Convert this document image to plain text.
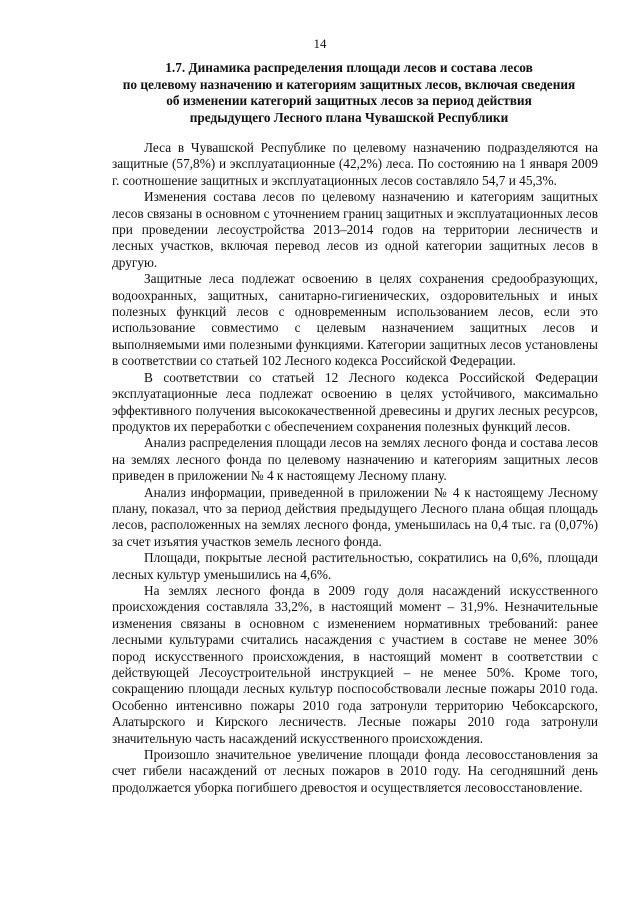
14
1.7. Динамика распределения площади лесов и состава лесов
по целевому назначению и категориям защитных лесов, включая сведения
об изменении категорий защитных лесов за период действия
предыдущего Лесного плана Чувашской Республики

Леса в Чувашской Республике по целевому назначению подразделяются на защитные (57,8%) и эксплуатационные (42,2%) леса. По состоянию на 1 января 2009 г. соотношение защитных и эксплуатационных лесов составляло 54,7 и 45,3%.

Изменения состава лесов по целевому назначению и категориям защитных лесов связаны в основном с уточнением границ защитных и эксплуатационных лесов при проведении лесоустройства 2013–2014 годов на территории лесничеств и лесных участков, включая перевод лесов из одной категории защитных лесов в другую.

Защитные леса подлежат освоению в целях сохранения средообразующих, водоохранных, защитных, санитарно-гигиенических, оздоровительных и иных полезных функций лесов с одновременным использованием лесов, если это использование совместимо с целевым назначением защитных лесов и выполняемыми ими полезными функциями. Категории защитных лесов установлены в соответствии со статьей 102 Лесного кодекса Российской Федерации.

В соответствии со статьей 12 Лесного кодекса Российской Федерации эксплуатационные леса подлежат освоению в целях устойчивого, максимально эффективного получения высококачественной древесины и других лесных ресурсов, продуктов их переработки с обеспечением сохранения полезных функций лесов.

Анализ распределения площади лесов на землях лесного фонда и состава лесов на землях лесного фонда по целевому назначению и категориям защитных лесов приведен в приложении № 4 к настоящему Лесному плану.

Анализ информации, приведенной в приложении № 4 к настоящему Лесному плану, показал, что за период действия предыдущего Лесного плана общая площадь лесов, расположенных на землях лесного фонда, уменьшилась на 0,4 тыс. га (0,07%) за счет изъятия участков земель лесного фонда.

Площади, покрытые лесной растительностью, сократились на 0,6%, площади лесных культур уменьшились на 4,6%.

На землях лесного фонда в 2009 году доля насаждений искусственного происхождения составляла 33,2%, в настоящий момент – 31,9%. Незначительные изменения связаны в основном с изменением нормативных требований: ранее лесными культурами считались насаждения с участием в составе не менее 30% пород искусственного происхождения, в настоящий момент в соответствии с действующей Лесоустроительной инструкцией – не менее 50%. Кроме того, сокращению площади лесных культур поспособствовали лесные пожары 2010 года. Особенно интенсивно пожары 2010 года затронули территорию Чебоксарского, Алатырского и Кирского лесничеств. Лесные пожары 2010 года затронули значительную часть насаждений искусственного происхождения.

Произошло значительное увеличение площади фонда лесовосстановления за счет гибели насаждений от лесных пожаров в 2010 году. На сегодняшний день продолжается уборка погибшего древостоя и осуществляется лесовосстановление.
